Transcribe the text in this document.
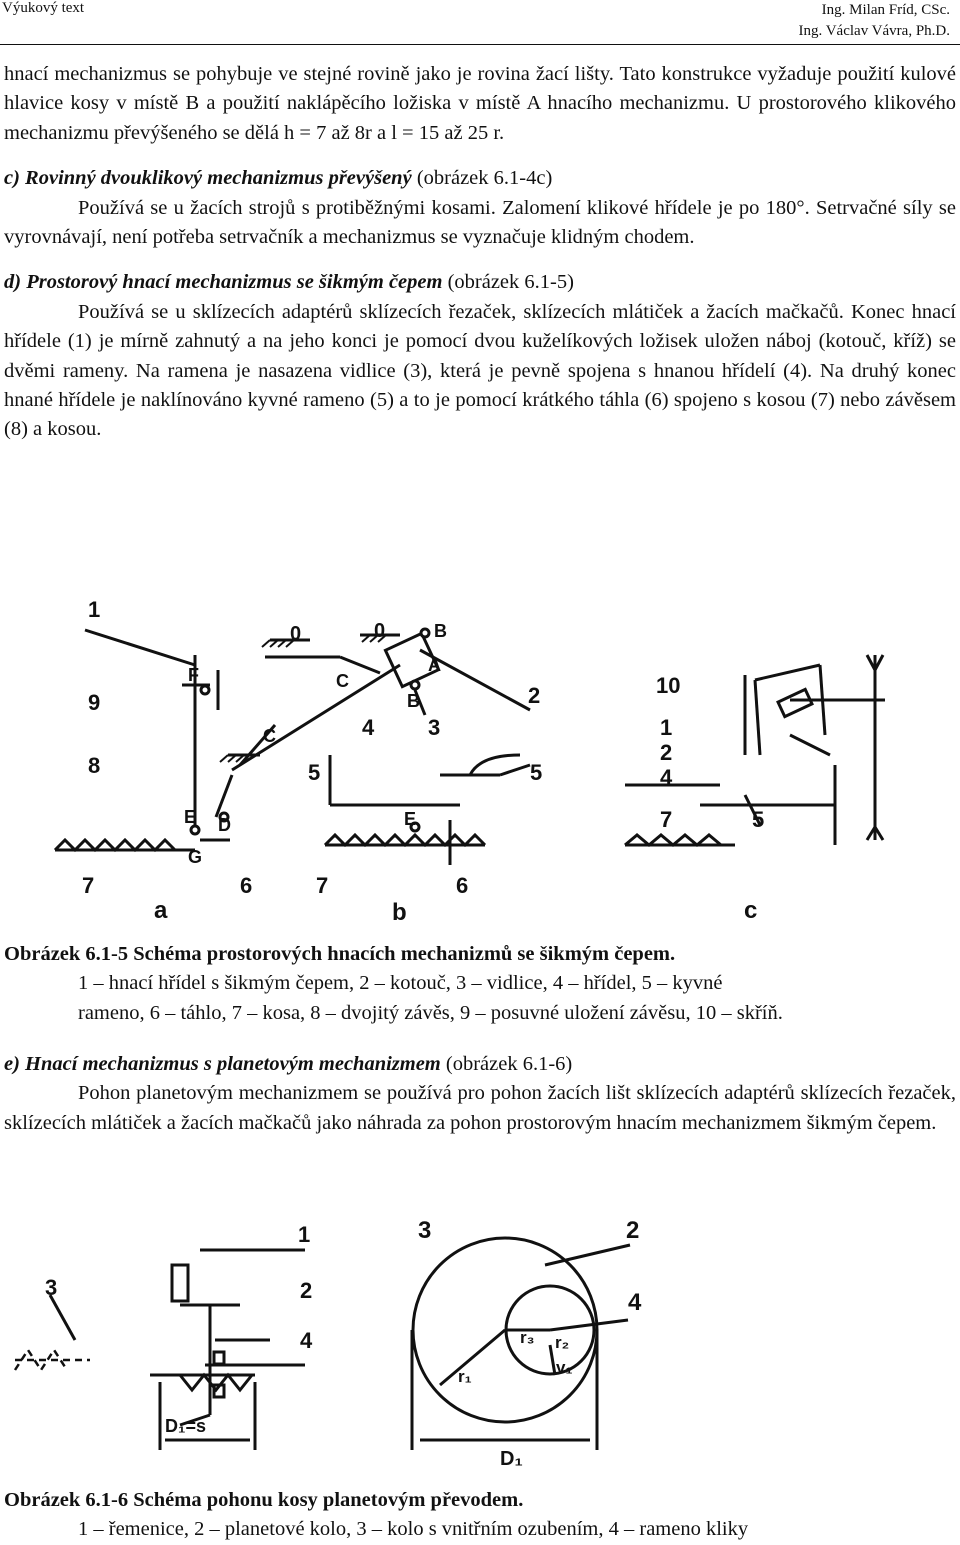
Výukový text	Ing. Milan Fríd, CSc.
Ing. Václav Vávra, Ph.D.

hnací mechanizmus se pohybuje ve stejné rovině jako je rovina žací lišty. Tato konstrukce vyžaduje použití kulové hlavice kosy v místě B a použití naklápěcího ložiska v místě A hnacího mechanizmu. U prostorového klikového mechanizmu převýšeného se dělá h = 7 až 8r a l = 15 až 25 r.

c) Rovinný dvouklikový mechanizmus převýšený (obrázek 6.1-4c)

Používá se u žacích strojů s protiběžnými kosami. Zalomení klikové hřídele je po 180°. Setrvačné síly se vyrovnávají, není potřeba setrvačník a mechanizmus se vyznačuje klidným chodem.

d) Prostorový hnací mechanizmus se šikmým čepem (obrázek 6.1-5)

Používá se u sklízecích adaptérů sklízecích řezaček, sklízecích mlátiček a žacích mačkačů. Konec hnací hřídele (1) je mírně zahnutý a na jeho konci je pomocí dvou kuželíkových ložisek uložen náboj (kotouč, kříž) se dvěmi rameny. Na ramena je nasazena vidlice (3), která je pevně spojena s hnanou hřídelí (4). Na druhý konec hnané hřídele je naklínováno kyvné rameno (5) a to je pomocí krátkého táhla (6) spojeno s kosou (7) nebo závěsem (8) a kosou.

1
9
8
7	6
0	0
F
C
C
B
B
A
E	E
D
G
4 3
2
5	5
7	6
10
1
2
4
7	5
a	b	c

Obrázek 6.1-5 Schéma prostorových hnacích mechanizmů se šikmým čepem.

1 – hnací hřídel s šikmým čepem, 2 – kotouč, 3 – vidlice, 4 – hřídel, 5 – kyvné

rameno, 6 – táhlo, 7 – kosa, 8 – dvojitý závěs, 9 – posuvné uložení závěsu, 10 – skříň.

e) Hnací mechanizmus s planetovým mechanizmem (obrázek 6.1-6)

Pohon planetovým mechanizmem se používá pro pohon žacích lišt sklízecích adaptérů sklízecích řezaček, sklízecích mlátiček a žacích mačkačů jako náhrada za pohon prostorovým hnacím mechanizmem šikmým čepem.

1
2
3
4
D₁=s
3	2
4
r₁
r₂
r₃
v₁
D₁

Obrázek 6.1-6 Schéma pohonu kosy planetovým převodem.

1 – řemenice, 2 – planetové kolo, 3 – kolo s vnitřním ozubením, 4 – rameno kliky
